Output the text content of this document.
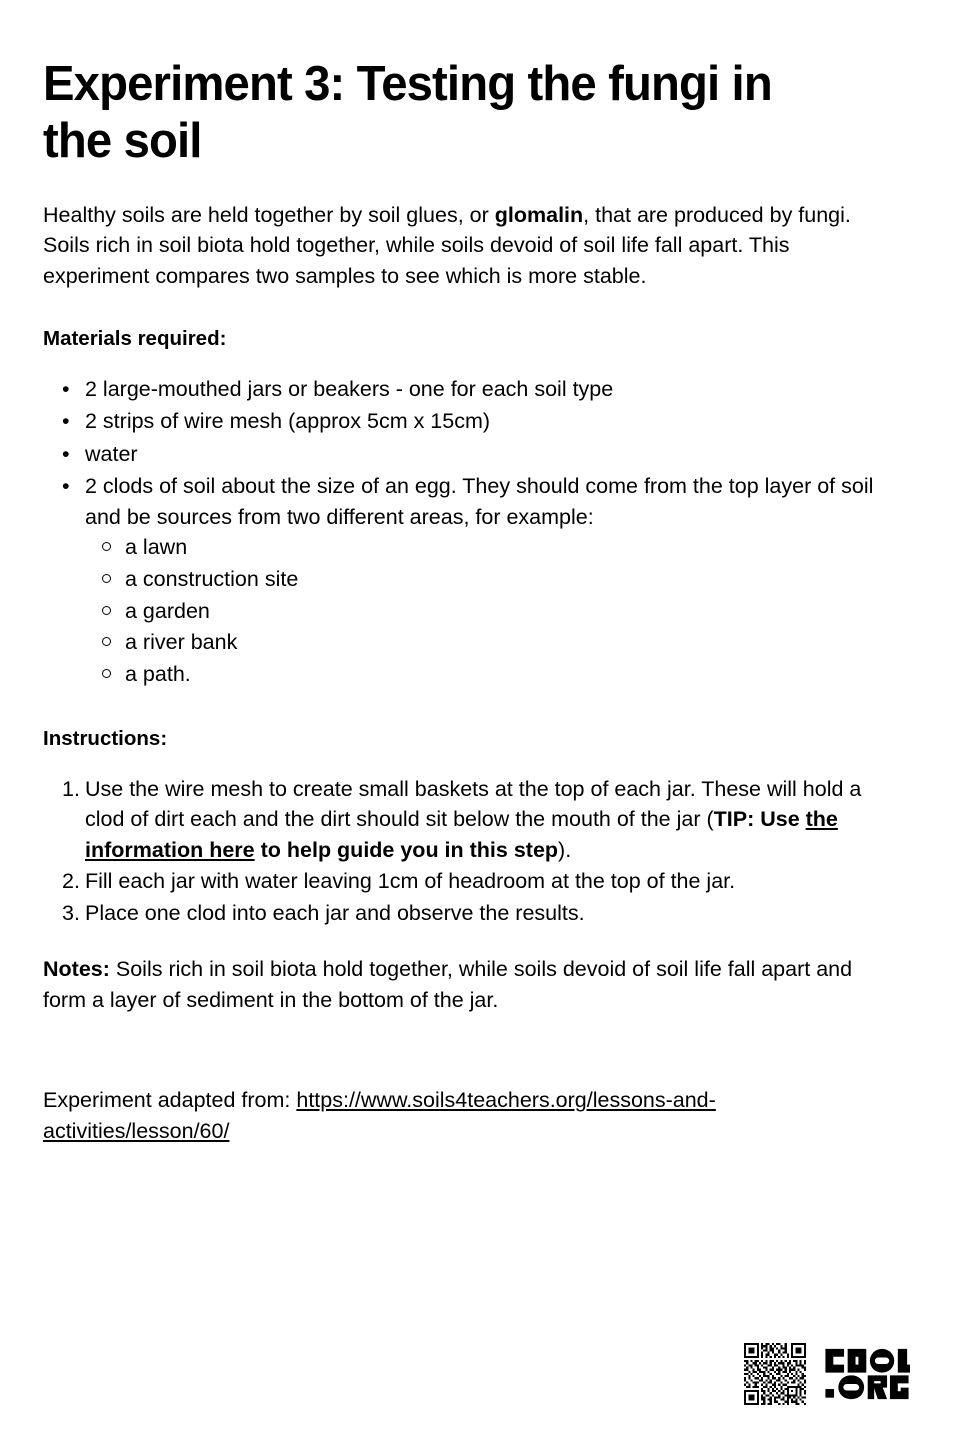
Experiment 3: Testing the fungi in the soil

Healthy soils are held together by soil glues, or glomalin, that are produced by fungi. Soils rich in soil biota hold together, while soils devoid of soil life fall apart. This experiment compares two samples to see which is more stable.

Materials required:
• 2 large-mouthed jars or beakers - one for each soil type
• 2 strips of wire mesh (approx 5cm x 15cm)
• water
• 2 clods of soil about the size of an egg. They should come from the top layer of soil and be sources from two different areas, for example:
a lawn
a construction site
a garden
a river bank
a path.
Instructions:
1. Use the wire mesh to create small baskets at the top of each jar. These will hold a clod of dirt each and the dirt should sit below the mouth of the jar (TIP: Use the information here to help guide you in this step).
2. Fill each jar with water leaving 1cm of headroom at the top of the jar.
3. Place one clod into each jar and observe the results.

Notes: Soils rich in soil biota hold together, while soils devoid of soil life fall apart and form a layer of sediment in the bottom of the jar.

Experiment adapted from: https://www.soils4teachers.org/lessons-and-activities/lesson/60/
